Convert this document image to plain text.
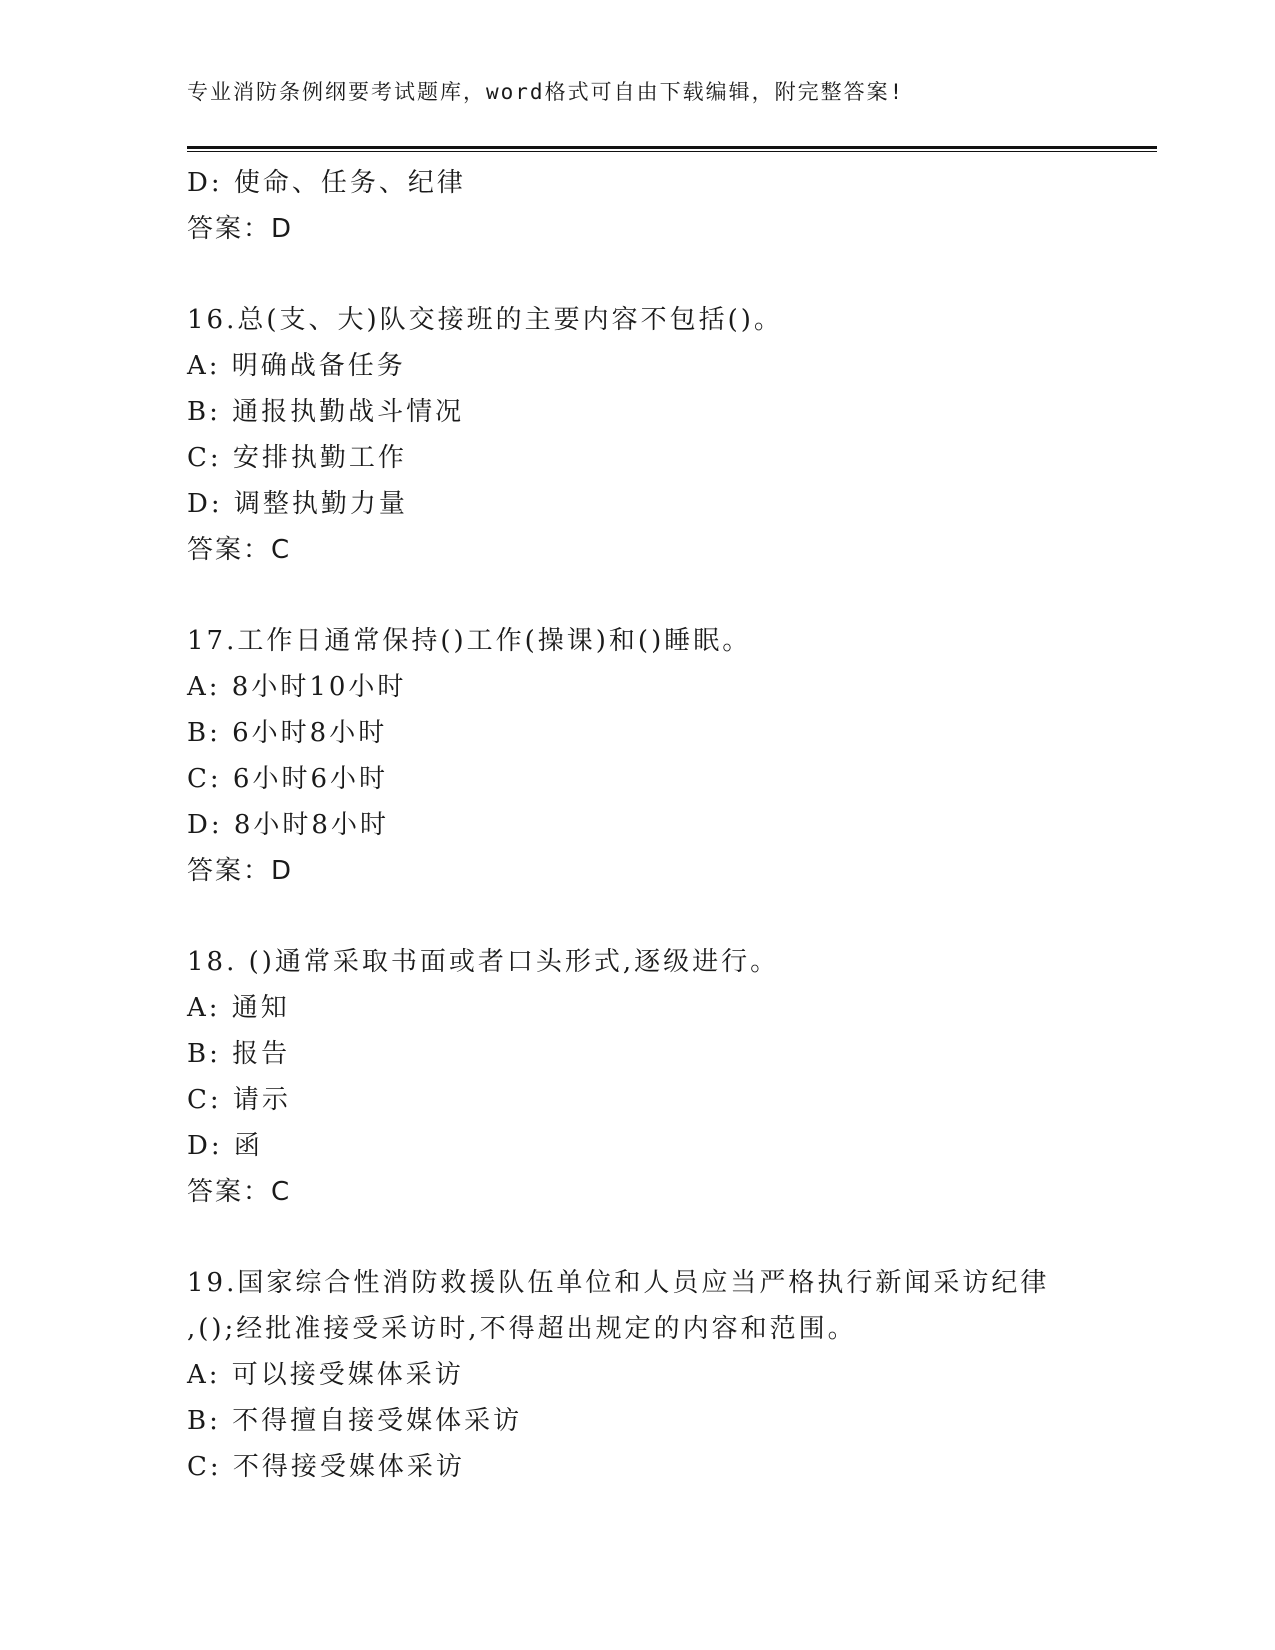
专业消防条例纲要考试题库，word格式可自由下载编辑，附完整答案!
D: 使命、任务、纪律
答案：D
16.总(支、大)队交接班的主要内容不包括()。
A: 明确战备任务
B: 通报执勤战斗情况
C: 安排执勤工作
D: 调整执勤力量
答案：C
17.工作日通常保持()工作(操课)和()睡眠。
A: 8小时10小时
B: 6小时8小时
C: 6小时6小时
D: 8小时8小时
答案：D
18. ()通常采取书面或者口头形式,逐级进行。
A: 通知
B: 报告
C: 请示
D: 函
答案：C
19.国家综合性消防救援队伍单位和人员应当严格执行新闻采访纪律
,();经批准接受采访时,不得超出规定的内容和范围。
A: 可以接受媒体采访
B: 不得擅自接受媒体采访
C: 不得接受媒体采访
